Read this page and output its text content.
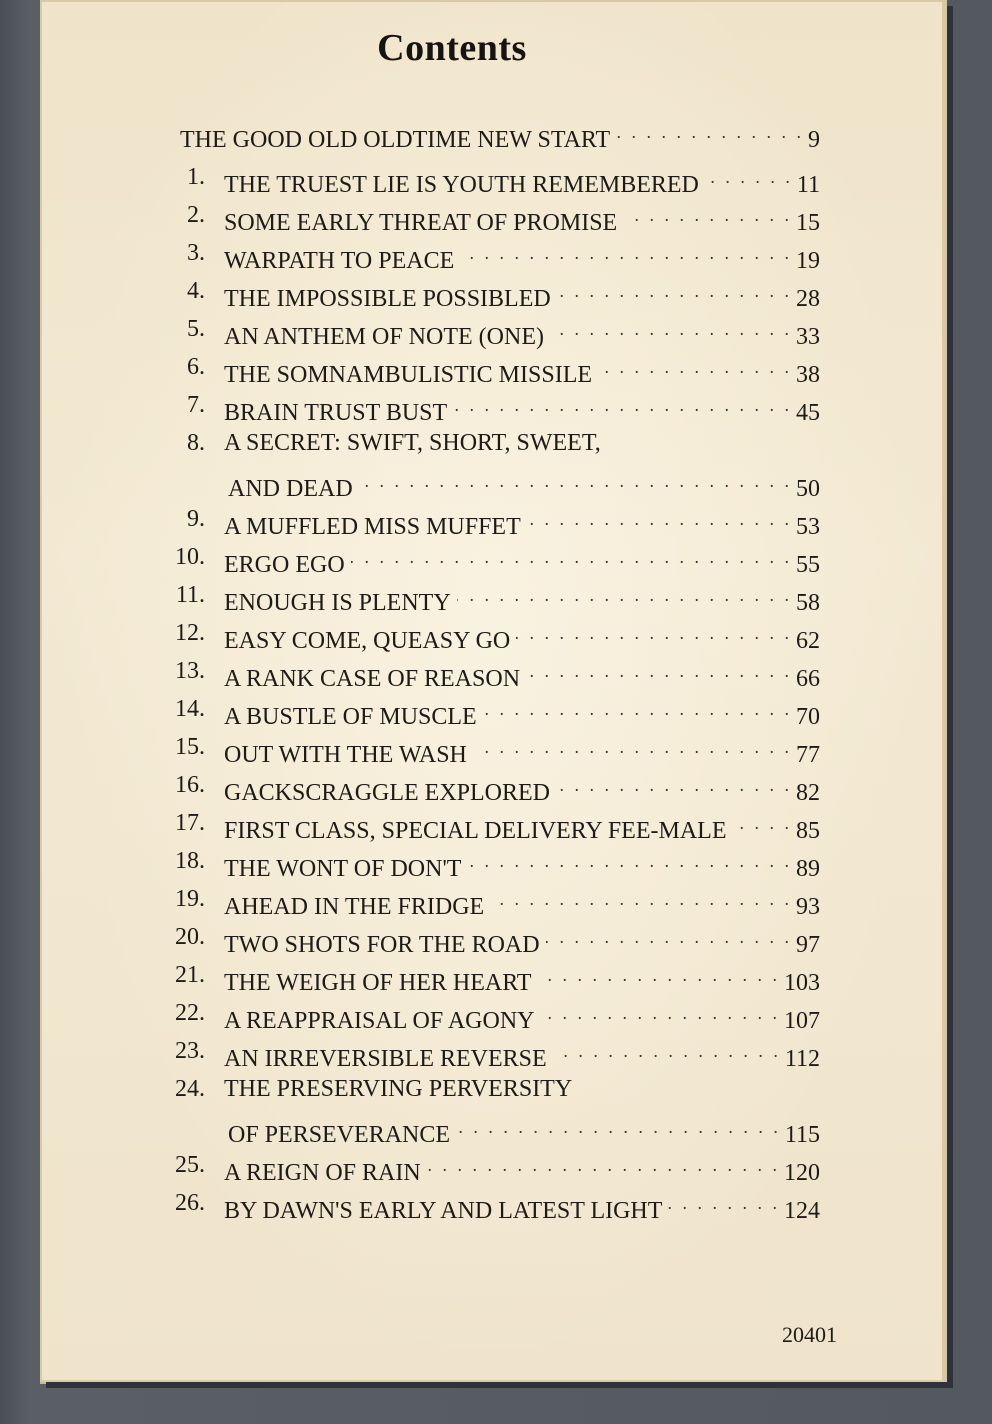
Contents
THE GOOD OLD OLDTIME NEW START . . .	9
1. THE TRUEST LIE IS YOUTH REMEMBERED . . .	11
2. SOME EARLY THREAT OF PROMISE . . .	15
3. WARPATH TO PEACE . . .	19
4. THE IMPOSSIBLE POSSIBLED . . .	28
5. AN ANTHEM OF NOTE (ONE) . . .	33
6. THE SOMNAMBULISTIC MISSILE . . .	38
7. BRAIN TRUST BUST . . .	45
8. A SECRET: SWIFT, SHORT, SWEET,
AND DEAD . . .	50
9. A MUFFLED MISS MUFFET . . .	53
10. ERGO EGO . . .	55
11. ENOUGH IS PLENTY . . .	58
12. EASY COME, QUEASY GO . . .	62
13. A RANK CASE OF REASON . . .	66
14. A BUSTLE OF MUSCLE . . .	70
15. OUT WITH THE WASH . . .	77
16. GACKSCRAGGLE EXPLORED . . .	82
17. FIRST CLASS, SPECIAL DELIVERY FEE-MALE . . .	85
18. THE WONT OF DON'T . . .	89
19. AHEAD IN THE FRIDGE . . .	93
20. TWO SHOTS FOR THE ROAD . . .	97
21. THE WEIGH OF HER HEART . . .	103
22. A REAPPRAISAL OF AGONY . . .	107
23. AN IRREVERSIBLE REVERSE . . .	112
24. THE PRESERVING PERVERSITY
OF PERSEVERANCE . . .	115
25. A REIGN OF RAIN . . .	120
26. BY DAWN'S EARLY AND LATEST LIGHT . . .	124
20401
